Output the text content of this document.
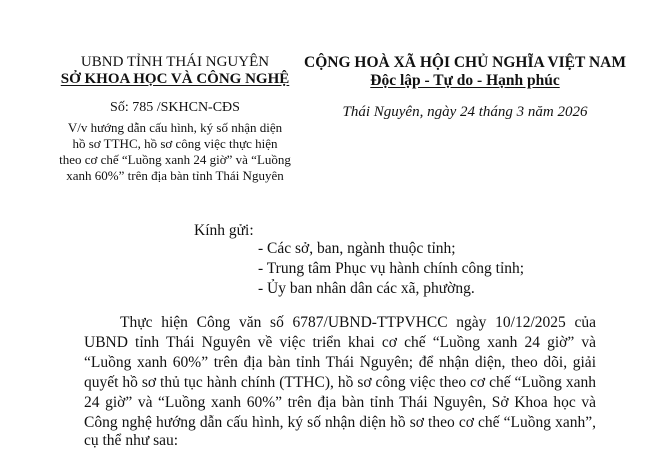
UBND TỈNH THÁI NGUYÊN
SỞ KHOA HỌC VÀ CÔNG NGHỆ
Số: 785 /SKHCN-CĐS
V/v hướng dẫn cấu hình, ký số nhận diện
hồ sơ TTHC, hồ sơ công việc thực hiện
theo cơ chế “Luồng xanh 24 giờ” và “Luồng
xanh 60%” trên địa bàn tỉnh Thái Nguyên
CỘNG HOÀ XÃ HỘI CHỦ NGHĨA VIỆT NAM
Độc lập - Tự do - Hạnh phúc
Thái Nguyên, ngày 24 tháng 3 năm 2026
Kính gửi:
- Các sở, ban, ngành thuộc tỉnh;
- Trung tâm Phục vụ hành chính công tỉnh;
- Ủy ban nhân dân các xã, phường.
Thực hiện Công văn số 6787/UBND-TTPVHCC ngày 10/12/2025 của
UBND tỉnh Thái Nguyên về việc triển khai cơ chế “Luồng xanh 24 giờ” và
“Luồng xanh 60%” trên địa bàn tỉnh Thái Nguyên; để nhận diện, theo dõi, giải
quyết hồ sơ thủ tục hành chính (TTHC), hồ sơ công việc theo cơ chế “Luồng xanh
24 giờ” và “Luồng xanh 60%” trên địa bàn tỉnh Thái Nguyên, Sở Khoa học và
Công nghệ hướng dẫn cấu hình, ký số nhận diện hồ sơ theo cơ chế “Luồng xanh”,
cụ thể như sau:
